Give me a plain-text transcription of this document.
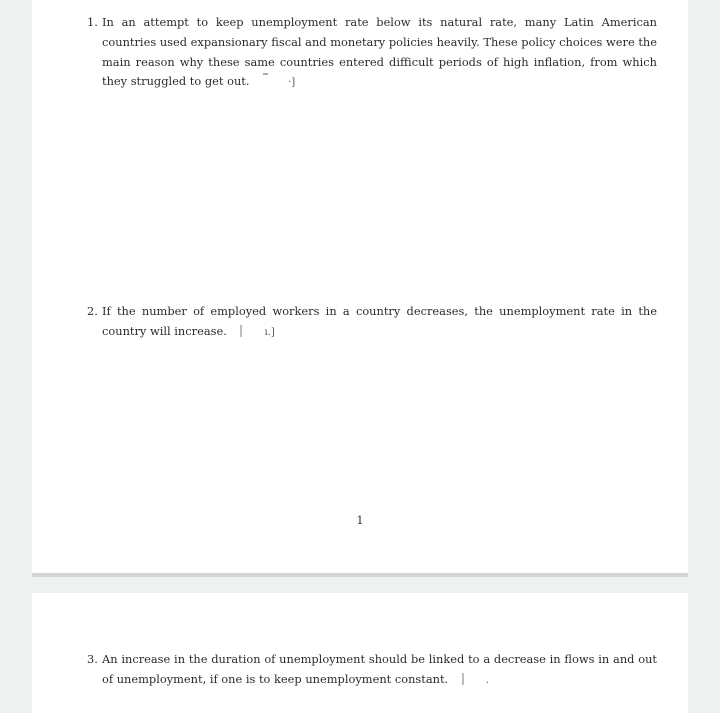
1. In an attempt to keep unemployment rate below its natural rate, many Latin American countries used expansionary fiscal and monetary policies heavily. These policy choices were the main reason why these same countries entered difficult periods of high inflation, from which they struggled to get out.	·]
2. If the number of employed workers in a country decreases, the unemployment rate in the country will increase.	ı.]
1
3. An increase in the duration of unemployment should be linked to a decrease in flows in and out of unemployment, if one is to keep unemployment constant.	.
